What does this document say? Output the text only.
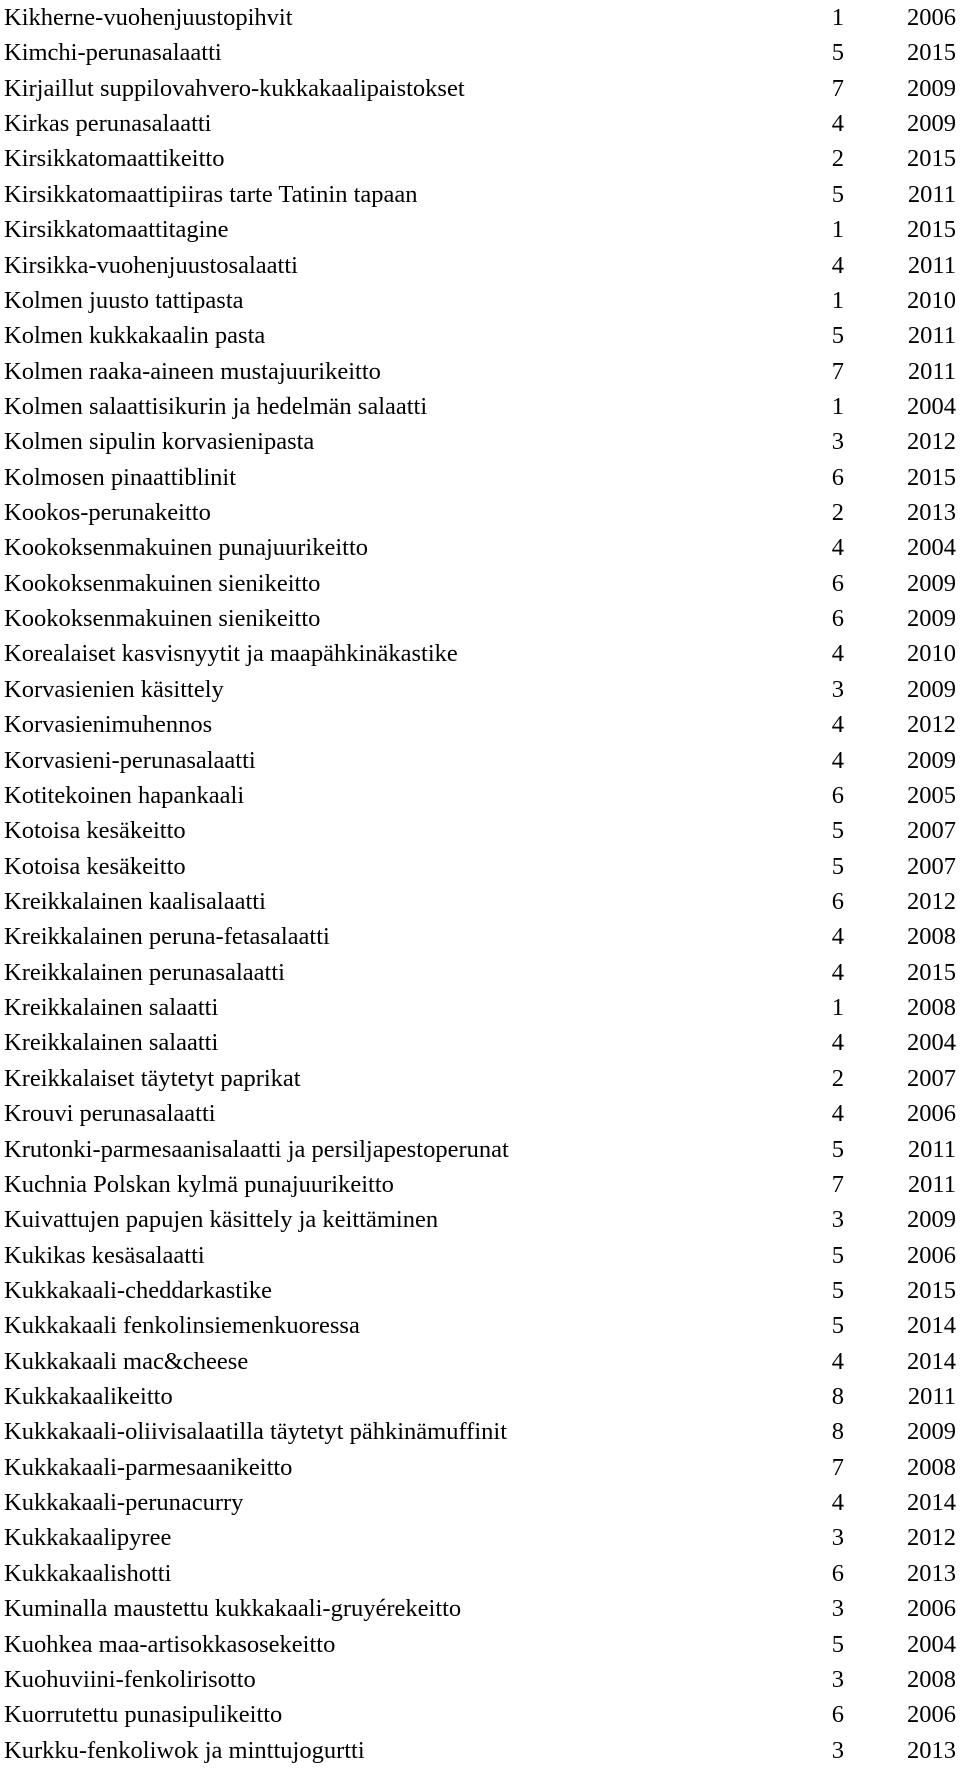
Kikherne-vuohenjuustopihvit	1	2006
Kimchi-perunasalaatti	5	2015
Kirjaillut suppilovahvero-kukkakaalipaistokset	7	2009
Kirkas perunasalaatti	4	2009
Kirsikkatomaattikeitto	2	2015
Kirsikkatomaattipiiras tarte Tatinin tapaan	5	2011
Kirsikkatomaattitagine	1	2015
Kirsikka-vuohenjuustosalaatti	4	2011
Kolmen juusto tattipasta	1	2010
Kolmen kukkakaalin pasta	5	2011
Kolmen raaka-aineen mustajuurikeitto	7	2011
Kolmen salaattisikurin ja hedelmän salaatti	1	2004
Kolmen sipulin korvasienipasta	3	2012
Kolmosen pinaattiblinit	6	2015
Kookos-perunakeitto	2	2013
Kookoksenmakuinen punajuurikeitto	4	2004
Kookoksenmakuinen sienikeitto	6	2009
Kookoksenmakuinen sienikeitto	6	2009
Korealaiset kasvisnyytit ja maapähkinäkastike	4	2010
Korvasienien käsittely	3	2009
Korvasienimuhennos	4	2012
Korvasieni-perunasalaatti	4	2009
Kotitekoinen hapankaali	6	2005
Kotoisa kesäkeitto	5	2007
Kotoisa kesäkeitto	5	2007
Kreikkalainen kaalisalaatti	6	2012
Kreikkalainen peruna-fetasalaatti	4	2008
Kreikkalainen perunasalaatti	4	2015
Kreikkalainen salaatti	1	2008
Kreikkalainen salaatti	4	2004
Kreikkalaiset täytetyt paprikat	2	2007
Krouvi perunasalaatti	4	2006
Krutonki-parmesaanisalaatti ja persiljapestoperunat	5	2011
Kuchnia Polskan kylmä punajuurikeitto	7	2011
Kuivattujen papujen käsittely ja keittäminen	3	2009
Kukikas kesäsalaatti	5	2006
Kukkakaali-cheddarkastike	5	2015
Kukkakaali fenkolinsiemenkuoressa	5	2014
Kukkakaali mac&cheese	4	2014
Kukkakaalikeitto	8	2011
Kukkakaali-oliivisalaatilla täytetyt pähkinämuffinit	8	2009
Kukkakaali-parmesaanikeitto	7	2008
Kukkakaali-perunacurry	4	2014
Kukkakaalipyree	3	2012
Kukkakaalishotti	6	2013
Kuminalla maustettu kukkakaali-gruyérekeitto	3	2006
Kuohkea maa-artisokkasosekeitto	5	2004
Kuohuviini-fenkolirisotto	3	2008
Kuorrutettu punasipulikeitto	6	2006
Kurkku-fenkoliwok ja minttujogurtti	3	2013
